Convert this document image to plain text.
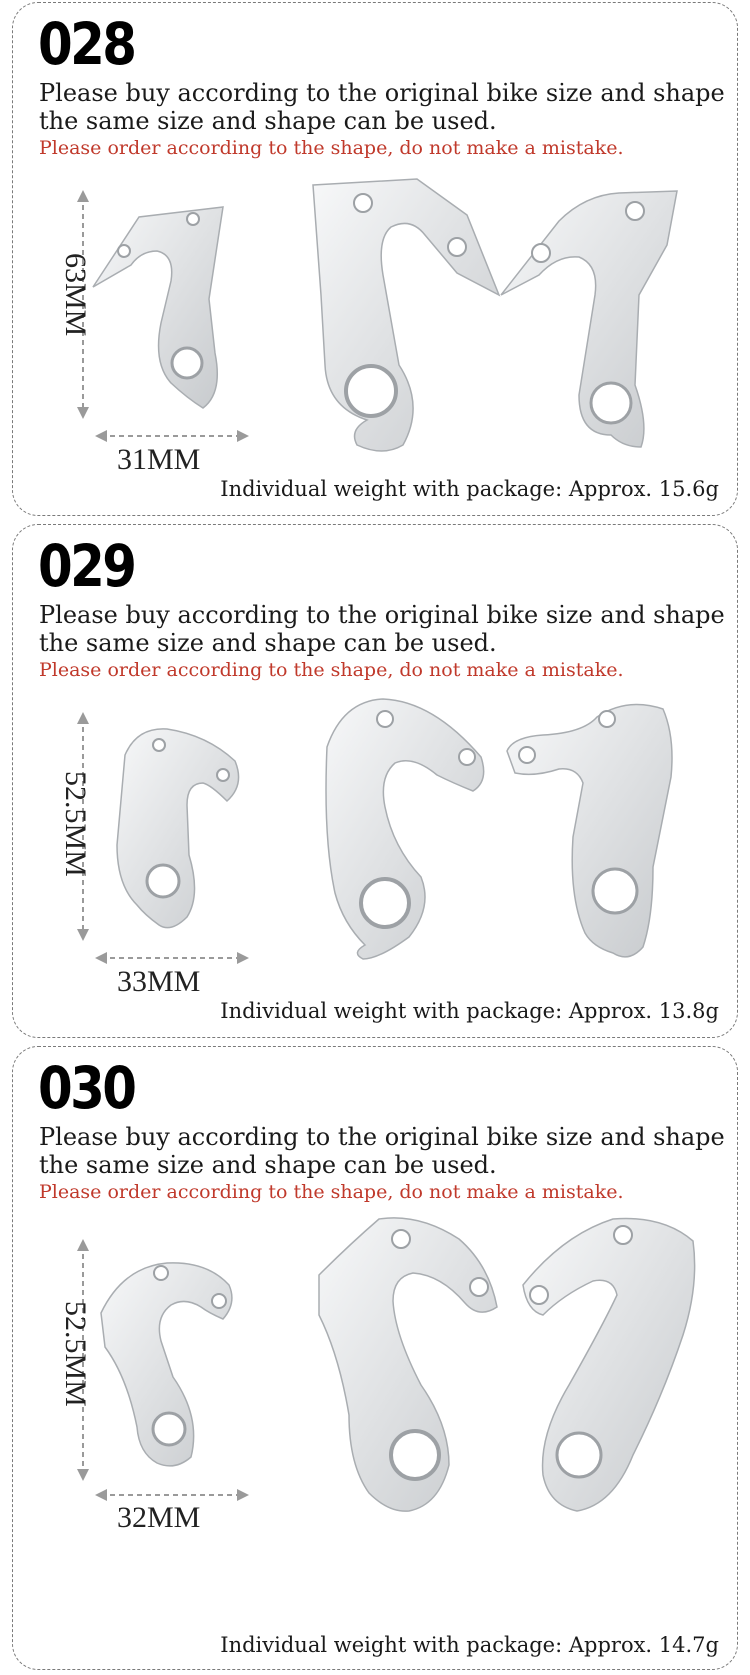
028
Please buy according to the original bike size and shape
the same size and shape can be used.
Please order according to the shape, do not make a mistake.
63MM
31MM
Individual weight with package: Approx. 15.6g
029
Please buy according to the original bike size and shape
the same size and shape can be used.
Please order according to the shape, do not make a mistake.
52.5MM
33MM
Individual weight with package: Approx. 13.8g
030
Please buy according to the original bike size and shape
the same size and shape can be used.
Please order according to the shape, do not make a mistake.
52.5MM
32MM
Individual weight with package: Approx. 14.7g
